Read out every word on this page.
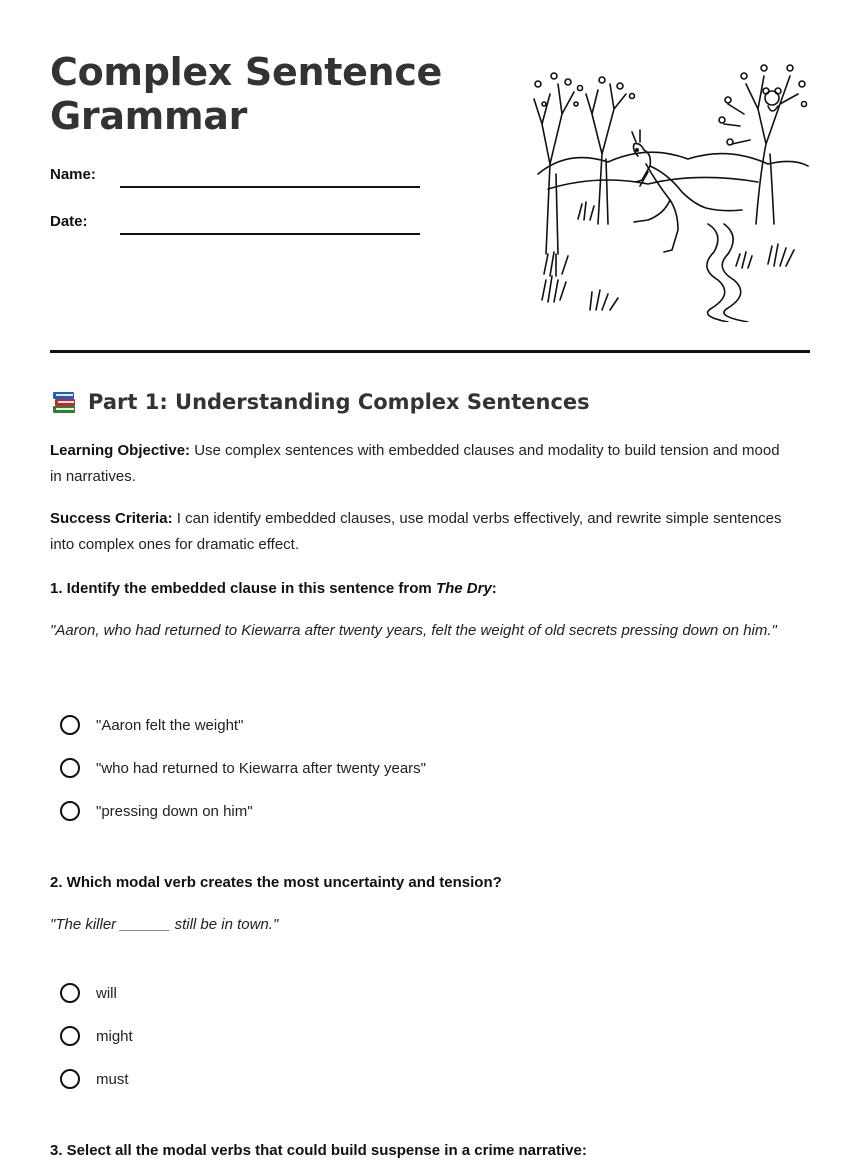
Complex Sentence
Grammar
Name:
Date:
Part 1: Understanding Complex Sentences

Learning Objective: Use complex sentences with embedded clauses and modality to build tension and mood in narratives.

Success Criteria: I can identify embedded clauses, use modal verbs effectively, and rewrite simple sentences into complex ones for dramatic effect.

1. Identify the embedded clause in this sentence from The Dry:

"Aaron, who had returned to Kiewarra after twenty years, felt the weight of old secrets pressing down on him."

"Aaron felt the weight"
"who had returned to Kiewarra after twenty years"
"pressing down on him"

2. Which modal verb creates the most uncertainty and tension?

"The killer ______ still be in town."

will
might
must

3. Select all the modal verbs that could build suspense in a crime narrative:
